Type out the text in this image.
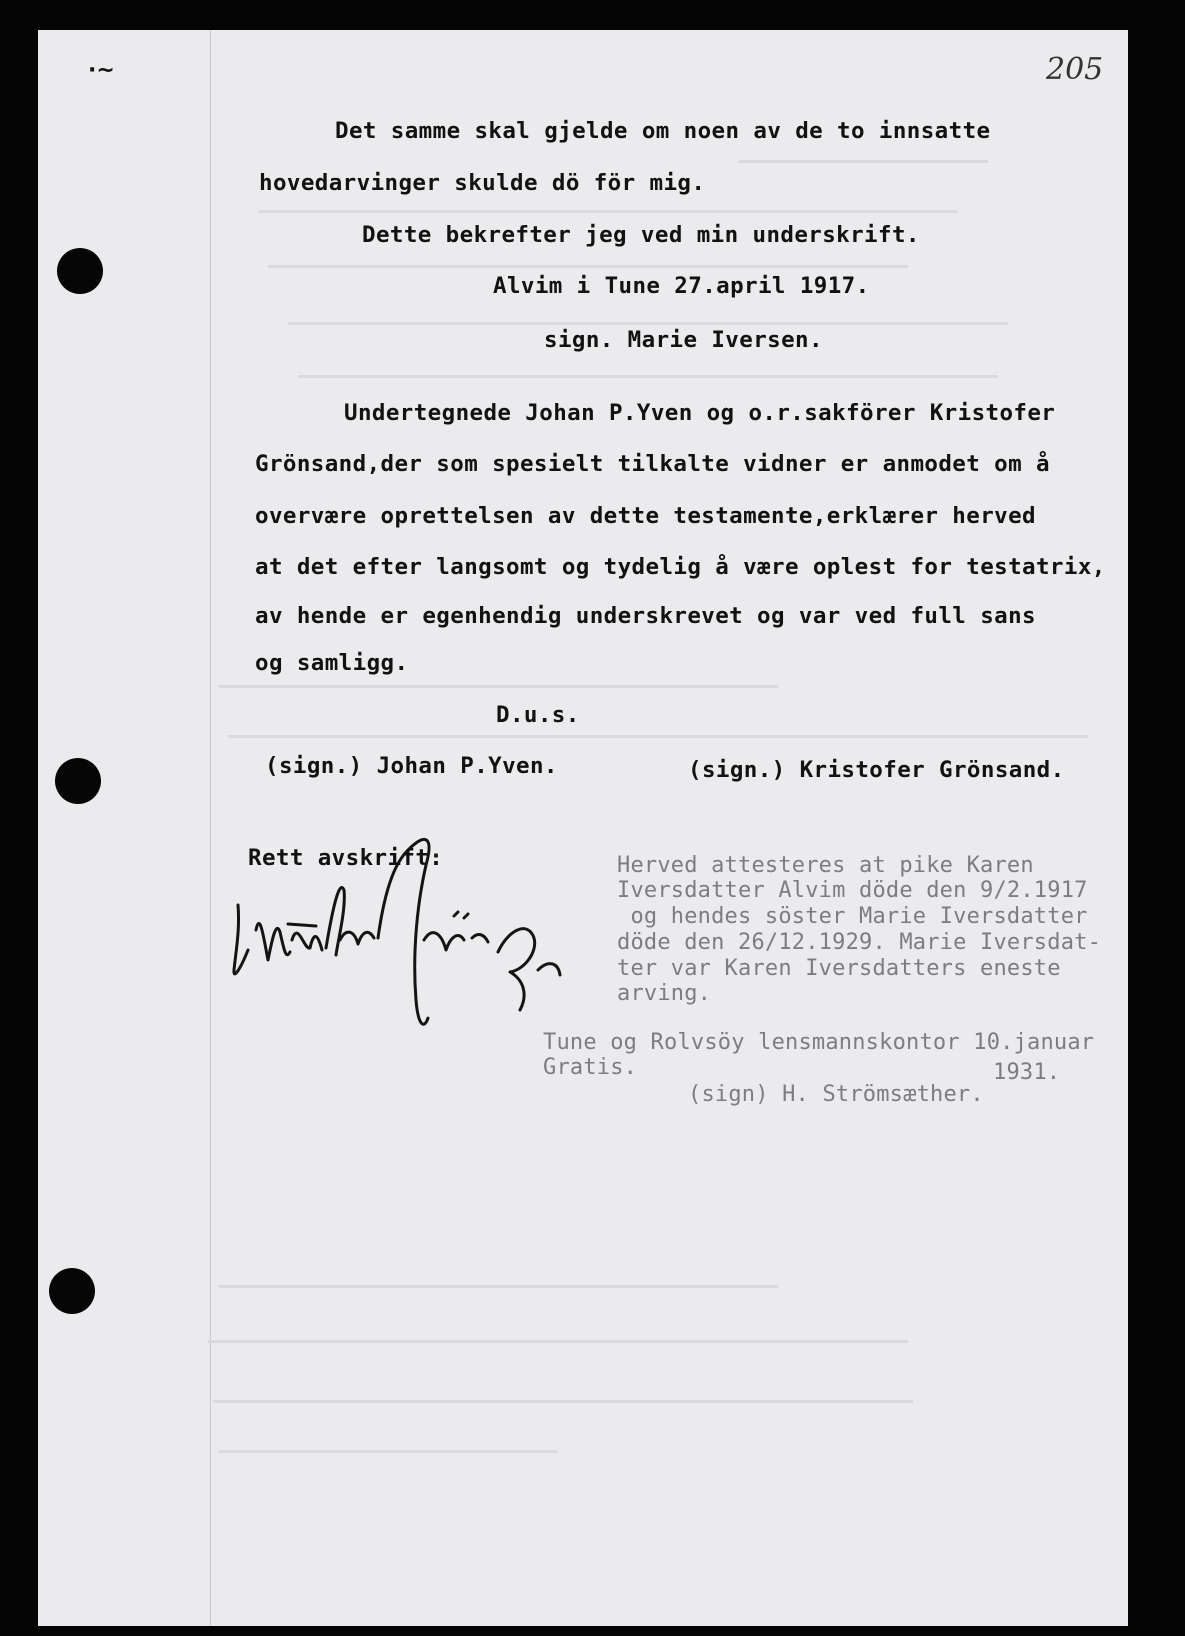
·~	205
Det samme skal gjelde om noen av de to innsatte
hovedarvinger skulde dö för mig.
Dette bekrefter jeg ved min underskrift.
Alvim i Tune 27.april 1917.
sign. Marie Iversen.
Undertegnede Johan P.Yven og o.r.sakförer Kristofer
Grönsand,der som spesielt tilkalte vidner er anmodet om å
overvære oprettelsen av dette testamente,erklærer herved
at det efter langsomt og tydelig å være oplest for testatrix,
av hende er egenhendig underskrevet og var ved full sans
og samligg.
D.u.s.
(sign.) Johan P.Yven.	(sign.) Kristofer Grönsand.
Rett avskrift:	Herved attesteres at pike Karen
Iversdatter Alvim döde den 9/2.1917
og hendes söster Marie Iversdatter
döde den 26/12.1929. Marie Iversdat-
ter var Karen Iversdatters eneste
arving.
Tune og Rolvsöy lensmannskontor 10.januar
Gratis.	1931.
(sign) H. Strömsæther.
